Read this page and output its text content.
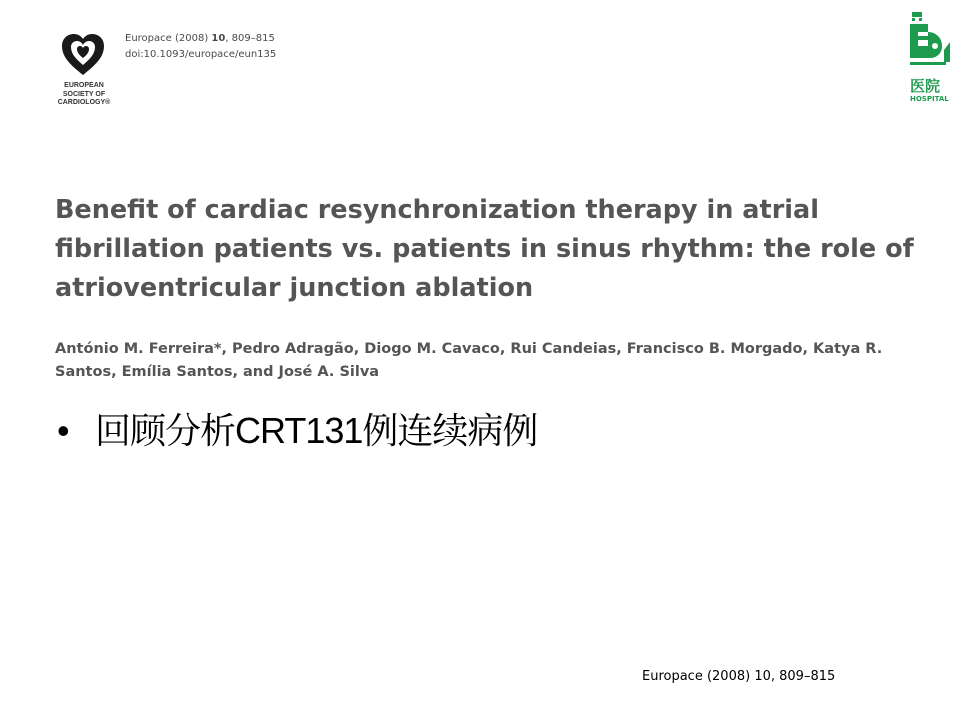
EUROPEAN
SOCIETY OF
CARDIOLOGY®
Europace (2008) 10, 809–815
doi:10.1093/europace/eun135
医院
HOSPITAL
Benefit of cardiac resynchronization therapy in atrial fibrillation patients vs. patients in sinus rhythm: the role of atrioventricular junction ablation
António M. Ferreira*, Pedro Adragão, Diogo M. Cavaco, Rui Candeias, Francisco B. Morgado, Katya R. Santos, Emília Santos, and José A. Silva
• 回顾分析CRT131例连续病例
Europace (2008) 10, 809–815
